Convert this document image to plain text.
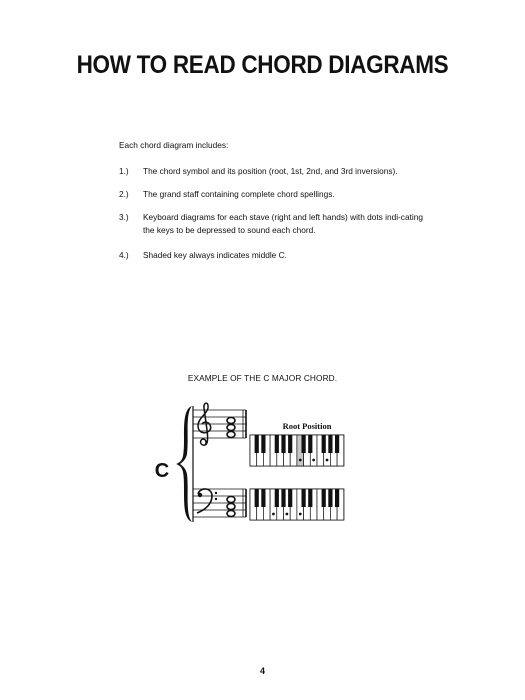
HOW TO READ CHORD DIAGRAMS
Each chord diagram includes:
1.)	The chord symbol and its position (root, 1st, 2nd, and 3rd inversions).
2.)	The grand staff containing complete chord spellings.
3.)	Keyboard diagrams for each stave (right and left hands) with dots indi-cating the keys to be depressed to sound each chord.
4.)	Shaded key always indicates middle C.
EXAMPLE OF THE C MAJOR CHORD.
Root Position
C
4
